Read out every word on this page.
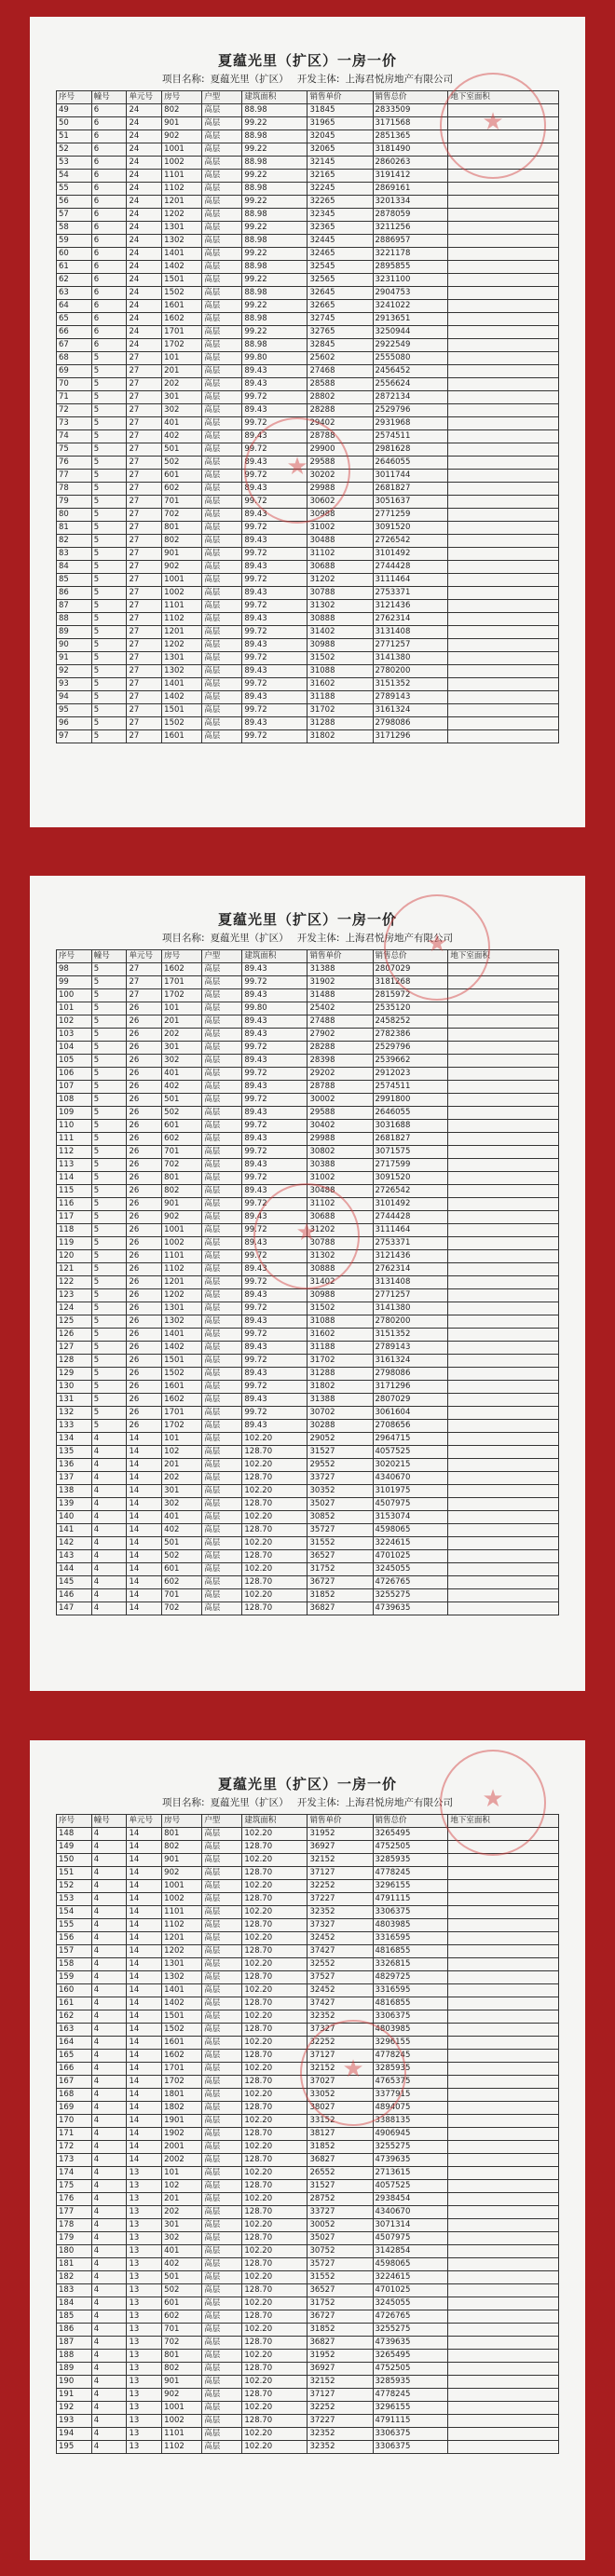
★
★
夏蕴光里（扩区）一房一价
项目名称: 夏蕴光里（扩区） 开发主体: 上海君悦房地产有限公司
序号	幢号	单元号	房号	户型	建筑面积	销售单价	销售总价	地下室面积
49	6	24	802	高层	88.98	31845	2833509	
50	6	24	901	高层	99.22	31965	3171568	
51	6	24	902	高层	88.98	32045	2851365	
52	6	24	1001	高层	99.22	32065	3181490	
53	6	24	1002	高层	88.98	32145	2860263	
54	6	24	1101	高层	99.22	32165	3191412	
55	6	24	1102	高层	88.98	32245	2869161	
56	6	24	1201	高层	99.22	32265	3201334	
57	6	24	1202	高层	88.98	32345	2878059	
58	6	24	1301	高层	99.22	32365	3211256	
59	6	24	1302	高层	88.98	32445	2886957	
60	6	24	1401	高层	99.22	32465	3221178	
61	6	24	1402	高层	88.98	32545	2895855	
62	6	24	1501	高层	99.22	32565	3231100	
63	6	24	1502	高层	88.98	32645	2904753	
64	6	24	1601	高层	99.22	32665	3241022	
65	6	24	1602	高层	88.98	32745	2913651	
66	6	24	1701	高层	99.22	32765	3250944	
67	6	24	1702	高层	88.98	32845	2922549	
68	5	27	101	高层	99.80	25602	2555080	
69	5	27	201	高层	89.43	27468	2456452	
70	5	27	202	高层	89.43	28588	2556624	
71	5	27	301	高层	99.72	28802	2872134	
72	5	27	302	高层	89.43	28288	2529796	
73	5	27	401	高层	99.72	29402	2931968	
74	5	27	402	高层	89.43	28788	2574511	
75	5	27	501	高层	99.72	29900	2981628	
76	5	27	502	高层	89.43	29588	2646055	
77	5	27	601	高层	99.72	30202	3011744	
78	5	27	602	高层	89.43	29988	2681827	
79	5	27	701	高层	99.72	30602	3051637	
80	5	27	702	高层	89.43	30988	2771259	
81	5	27	801	高层	99.72	31002	3091520	
82	5	27	802	高层	89.43	30488	2726542	
83	5	27	901	高层	99.72	31102	3101492	
84	5	27	902	高层	89.43	30688	2744428	
85	5	27	1001	高层	99.72	31202	3111464	
86	5	27	1002	高层	89.43	30788	2753371	
87	5	27	1101	高层	99.72	31302	3121436	
88	5	27	1102	高层	89.43	30888	2762314	
89	5	27	1201	高层	99.72	31402	3131408	
90	5	27	1202	高层	89.43	30988	2771257	
91	5	27	1301	高层	99.72	31502	3141380	
92	5	27	1302	高层	89.43	31088	2780200	
93	5	27	1401	高层	99.72	31602	3151352	
94	5	27	1402	高层	89.43	31188	2789143	
95	5	27	1501	高层	99.72	31702	3161324	
96	5	27	1502	高层	89.43	31288	2798086	
97	5	27	1601	高层	99.72	31802	3171296	
★
★
夏蕴光里（扩区）一房一价
项目名称: 夏蕴光里（扩区） 开发主体: 上海君悦房地产有限公司
序号	幢号	单元号	房号	户型	建筑面积	销售单价	销售总价	地下室面积
98	5	27	1602	高层	89.43	31388	2807029	
99	5	27	1701	高层	99.72	31902	3181268	
100	5	27	1702	高层	89.43	31488	2815972	
101	5	26	101	高层	99.80	25402	2535120	
102	5	26	201	高层	89.43	27488	2458252	
103	5	26	202	高层	89.43	27902	2782386	
104	5	26	301	高层	99.72	28288	2529796	
105	5	26	302	高层	89.43	28398	2539662	
106	5	26	401	高层	99.72	29202	2912023	
107	5	26	402	高层	89.43	28788	2574511	
108	5	26	501	高层	99.72	30002	2991800	
109	5	26	502	高层	89.43	29588	2646055	
110	5	26	601	高层	99.72	30402	3031688	
111	5	26	602	高层	89.43	29988	2681827	
112	5	26	701	高层	99.72	30802	3071575	
113	5	26	702	高层	89.43	30388	2717599	
114	5	26	801	高层	99.72	31002	3091520	
115	5	26	802	高层	89.43	30488	2726542	
116	5	26	901	高层	99.72	31102	3101492	
117	5	26	902	高层	89.43	30688	2744428	
118	5	26	1001	高层	99.72	31202	3111464	
119	5	26	1002	高层	89.43	30788	2753371	
120	5	26	1101	高层	99.72	31302	3121436	
121	5	26	1102	高层	89.43	30888	2762314	
122	5	26	1201	高层	99.72	31402	3131408	
123	5	26	1202	高层	89.43	30988	2771257	
124	5	26	1301	高层	99.72	31502	3141380	
125	5	26	1302	高层	89.43	31088	2780200	
126	5	26	1401	高层	99.72	31602	3151352	
127	5	26	1402	高层	89.43	31188	2789143	
128	5	26	1501	高层	99.72	31702	3161324	
129	5	26	1502	高层	89.43	31288	2798086	
130	5	26	1601	高层	99.72	31802	3171296	
131	5	26	1602	高层	89.43	31388	2807029	
132	5	26	1701	高层	99.72	30702	3061604	
133	5	26	1702	高层	89.43	30288	2708656	
134	4	14	101	高层	102.20	29052	2964715	
135	4	14	102	高层	128.70	31527	4057525	
136	4	14	201	高层	102.20	29552	3020215	
137	4	14	202	高层	128.70	33727	4340670	
138	4	14	301	高层	102.20	30352	3101975	
139	4	14	302	高层	128.70	35027	4507975	
140	4	14	401	高层	102.20	30852	3153074	
141	4	14	402	高层	128.70	35727	4598065	
142	4	14	501	高层	102.20	31552	3224615	
143	4	14	502	高层	128.70	36527	4701025	
144	4	14	601	高层	102.20	31752	3245055	
145	4	14	602	高层	128.70	36727	4726765	
146	4	14	701	高层	102.20	31852	3255275	
147	4	14	702	高层	128.70	36827	4739635	
★
★
夏蕴光里（扩区）一房一价
项目名称: 夏蕴光里（扩区） 开发主体: 上海君悦房地产有限公司
序号	幢号	单元号	房号	户型	建筑面积	销售单价	销售总价	地下室面积
148	4	14	801	高层	102.20	31952	3265495	
149	4	14	802	高层	128.70	36927	4752505	
150	4	14	901	高层	102.20	32152	3285935	
151	4	14	902	高层	128.70	37127	4778245	
152	4	14	1001	高层	102.20	32252	3296155	
153	4	14	1002	高层	128.70	37227	4791115	
154	4	14	1101	高层	102.20	32352	3306375	
155	4	14	1102	高层	128.70	37327	4803985	
156	4	14	1201	高层	102.20	32452	3316595	
157	4	14	1202	高层	128.70	37427	4816855	
158	4	14	1301	高层	102.20	32552	3326815	
159	4	14	1302	高层	128.70	37527	4829725	
160	4	14	1401	高层	102.20	32452	3316595	
161	4	14	1402	高层	128.70	37427	4816855	
162	4	14	1501	高层	102.20	32352	3306375	
163	4	14	1502	高层	128.70	37327	4803985	
164	4	14	1601	高层	102.20	32252	3296155	
165	4	14	1602	高层	128.70	37127	4778245	
166	4	14	1701	高层	102.20	32152	3285935	
167	4	14	1702	高层	128.70	37027	4765375	
168	4	14	1801	高层	102.20	33052	3377915	
169	4	14	1802	高层	128.70	38027	4894075	
170	4	14	1901	高层	102.20	33152	3388135	
171	4	14	1902	高层	128.70	38127	4906945	
172	4	14	2001	高层	102.20	31852	3255275	
173	4	14	2002	高层	128.70	36827	4739635	
174	4	13	101	高层	102.20	26552	2713615	
175	4	13	102	高层	128.70	31527	4057525	
176	4	13	201	高层	102.20	28752	2938454	
177	4	13	202	高层	128.70	33727	4340670	
178	4	13	301	高层	102.20	30052	3071314	
179	4	13	302	高层	128.70	35027	4507975	
180	4	13	401	高层	102.20	30752	3142854	
181	4	13	402	高层	128.70	35727	4598065	
182	4	13	501	高层	102.20	31552	3224615	
183	4	13	502	高层	128.70	36527	4701025	
184	4	13	601	高层	102.20	31752	3245055	
185	4	13	602	高层	128.70	36727	4726765	
186	4	13	701	高层	102.20	31852	3255275	
187	4	13	702	高层	128.70	36827	4739635	
188	4	13	801	高层	102.20	31952	3265495	
189	4	13	802	高层	128.70	36927	4752505	
190	4	13	901	高层	102.20	32152	3285935	
191	4	13	902	高层	128.70	37127	4778245	
192	4	13	1001	高层	102.20	32252	3296155	
193	4	13	1002	高层	128.70	37227	4791115	
194	4	13	1101	高层	102.20	32352	3306375	
195	4	13	1102	高层	102.20	32352	3306375	
